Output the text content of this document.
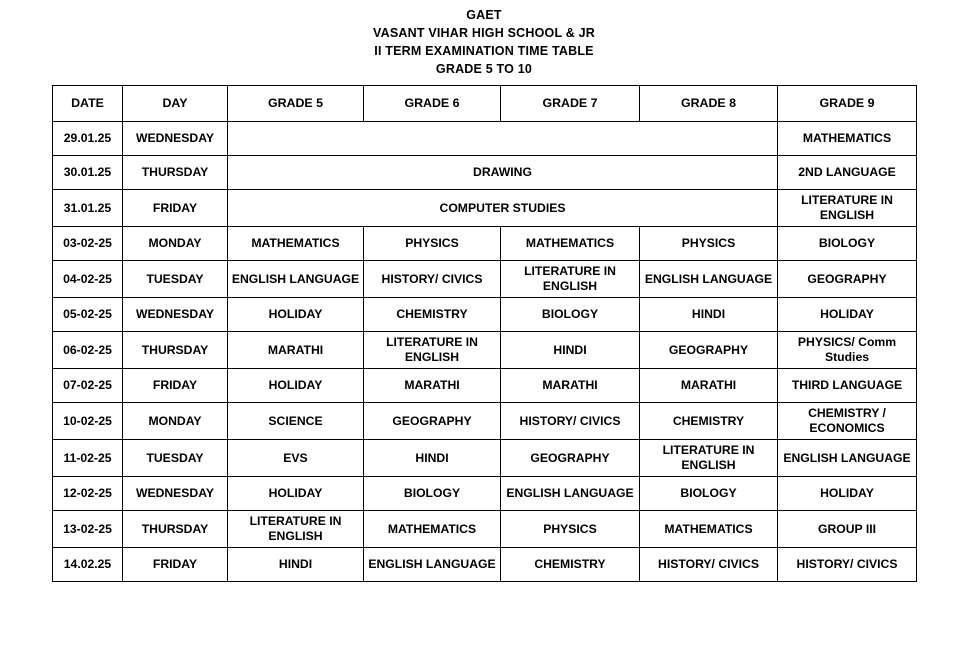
GAET
VASANT VIHAR HIGH SCHOOL & JR
II TERM EXAMINATION TIME TABLE
GRADE 5 TO 10
DATE	DAY	GRADE 5	GRADE 6	GRADE 7	GRADE 8	GRADE 9
29.01.25	WEDNESDAY					MATHEMATICS
30.01.25	THURSDAY	DRAWING				2ND LANGUAGE
31.01.25	FRIDAY	COMPUTER STUDIES				LITERATURE IN ENGLISH
03-02-25	MONDAY	MATHEMATICS	PHYSICS	MATHEMATICS	PHYSICS	BIOLOGY
04-02-25	TUESDAY	ENGLISH LANGUAGE	HISTORY/ CIVICS	LITERATURE IN ENGLISH	ENGLISH LANGUAGE	GEOGRAPHY
05-02-25	WEDNESDAY	HOLIDAY	CHEMISTRY	BIOLOGY	HINDI	HOLIDAY
06-02-25	THURSDAY	MARATHI	LITERATURE IN ENGLISH	HINDI	GEOGRAPHY	PHYSICS/ Comm Studies
07-02-25	FRIDAY	HOLIDAY	MARATHI	MARATHI	MARATHI	THIRD LANGUAGE
10-02-25	MONDAY	SCIENCE	GEOGRAPHY	HISTORY/ CIVICS	CHEMISTRY	CHEMISTRY / ECONOMICS
11-02-25	TUESDAY	EVS	HINDI	GEOGRAPHY	LITERATURE IN ENGLISH	ENGLISH LANGUAGE
12-02-25	WEDNESDAY	HOLIDAY	BIOLOGY	ENGLISH LANGUAGE	BIOLOGY	HOLIDAY
13-02-25	THURSDAY	LITERATURE IN ENGLISH	MATHEMATICS	PHYSICS	MATHEMATICS	GROUP III
14.02.25	FRIDAY	HINDI	ENGLISH LANGUAGE	CHEMISTRY	HISTORY/ CIVICS	HISTORY/ CIVICS
